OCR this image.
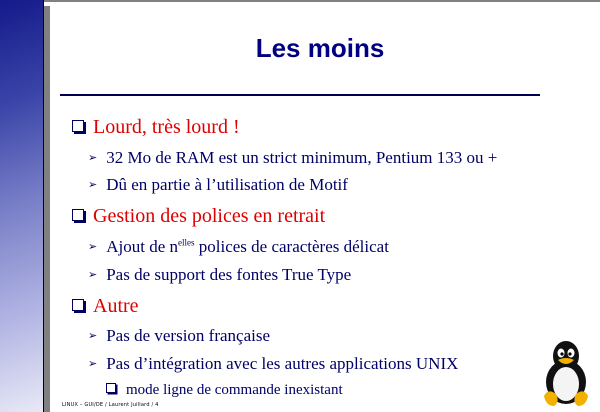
Les moins
Lourd, très lourd !
➢ 32 Mo de RAM est un strict minimum, Pentium 133 ou +
➢ Dû en partie à l’utilisation de Motif
Gestion des polices en retrait
➢ Ajout de $n^{elles}$ polices de caractères délicat
➢ Pas de support des fontes True Type
Autre
➢ Pas de version française
➢ Pas d’intégration avec les autres applications UNIX
mode ligne de commande inexistant
LINUX – GUI/DE / Laurent Juillard / 4
